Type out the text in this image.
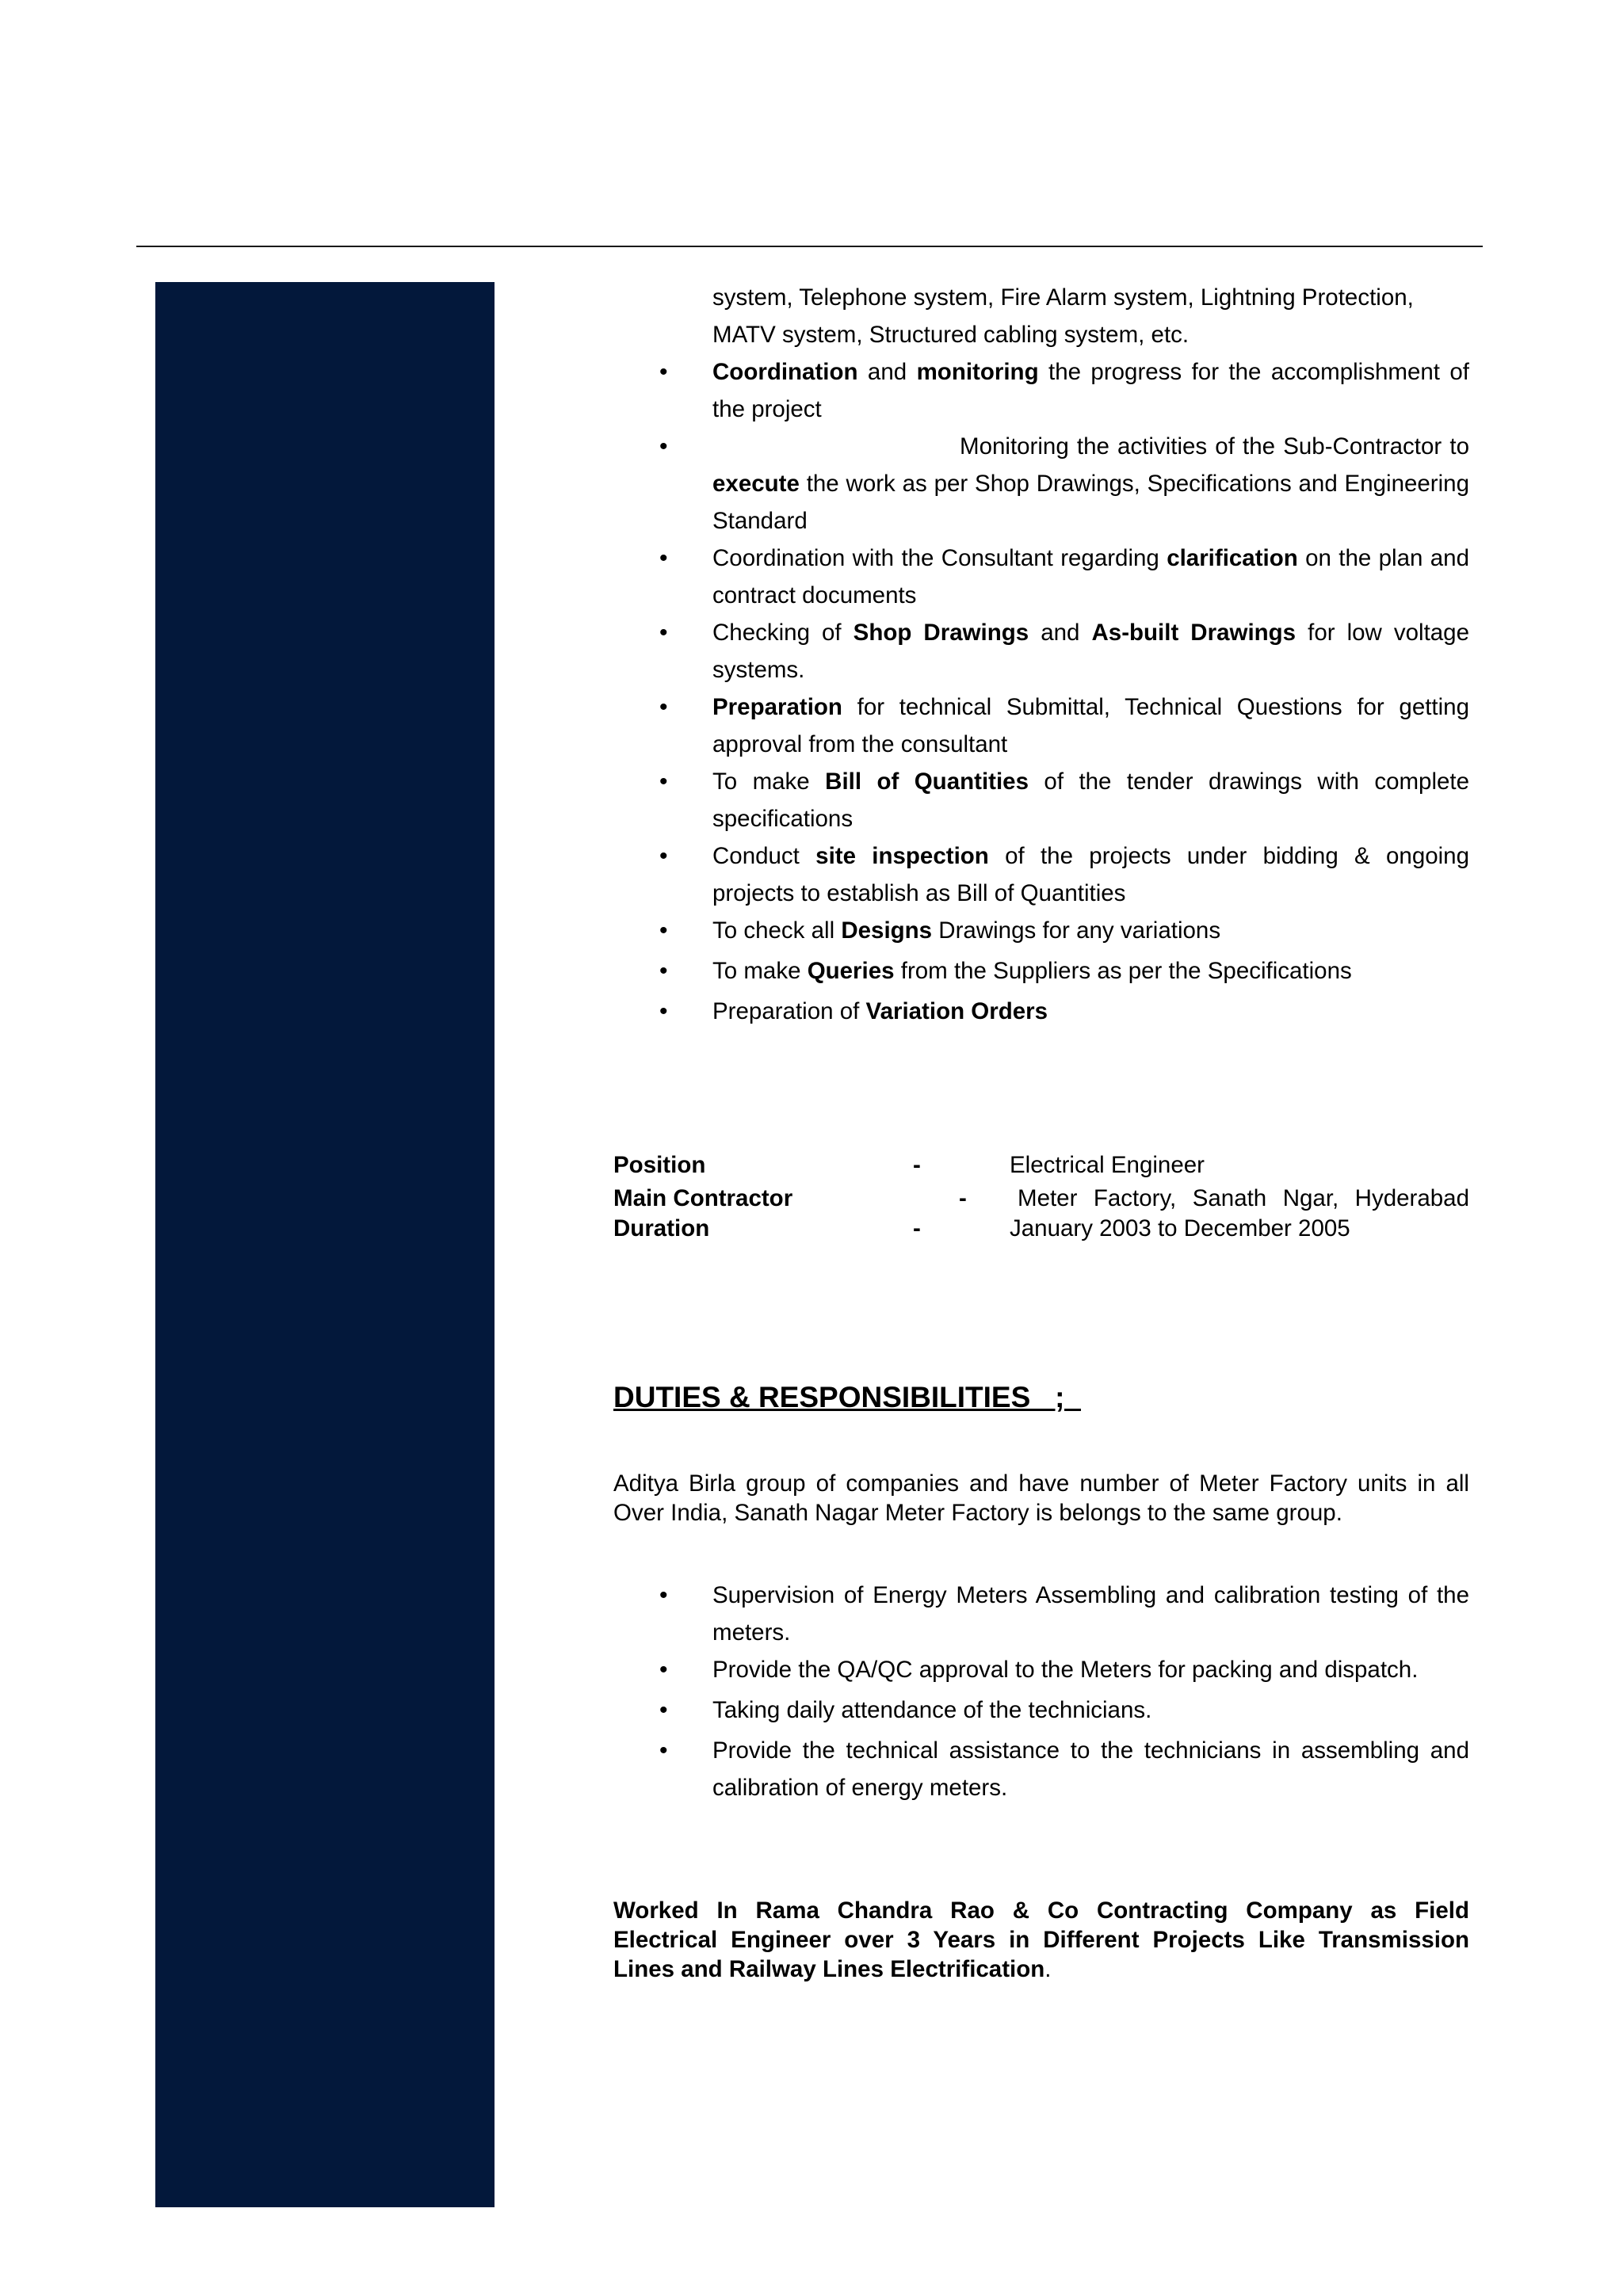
system, Telephone system, Fire Alarm system, Lightning Protection,
MATV system, Structured cabling system, etc.
• Coordination and monitoring the progress for the accomplishment of the project
• Monitoring the activities of the Sub-Contractor to execute the work as per Shop Drawings, Specifications and Engineering Standard
• Coordination with the Consultant regarding clarification on the plan and contract documents
• Checking of Shop Drawings and As-built Drawings for low voltage systems.
• Preparation for technical Submittal, Technical Questions for getting approval from the consultant
• To make Bill of Quantities of the tender drawings with complete specifications
• Conduct site inspection of the projects under bidding & ongoing projects to establish as Bill of Quantities
• To check all Designs Drawings for any variations
• To make Queries from the Suppliers as per the Specifications
• Preparation of Variation Orders
Position	-	Electrical Engineer
Main Contractor	- Meter Factory, Sanath Ngar, Hyderabad
Duration	-	January 2003 to December 2005
DUTIES & RESPONSIBILITIES   ;
Aditya Birla group of companies and have number of Meter Factory units in all
Over India, Sanath Nagar Meter Factory is belongs to the same group.
• Supervision of Energy Meters Assembling and calibration testing of the meters.
• Provide the QA/QC approval to the Meters for packing and dispatch.
• Taking daily attendance of the technicians.
• Provide the technical assistance to the technicians in assembling and calibration of energy meters.
Worked In Rama Chandra Rao & Co Contracting Company as Field
Electrical Engineer over 3 Years in Different Projects Like Transmission
Lines and Railway Lines Electrification.
